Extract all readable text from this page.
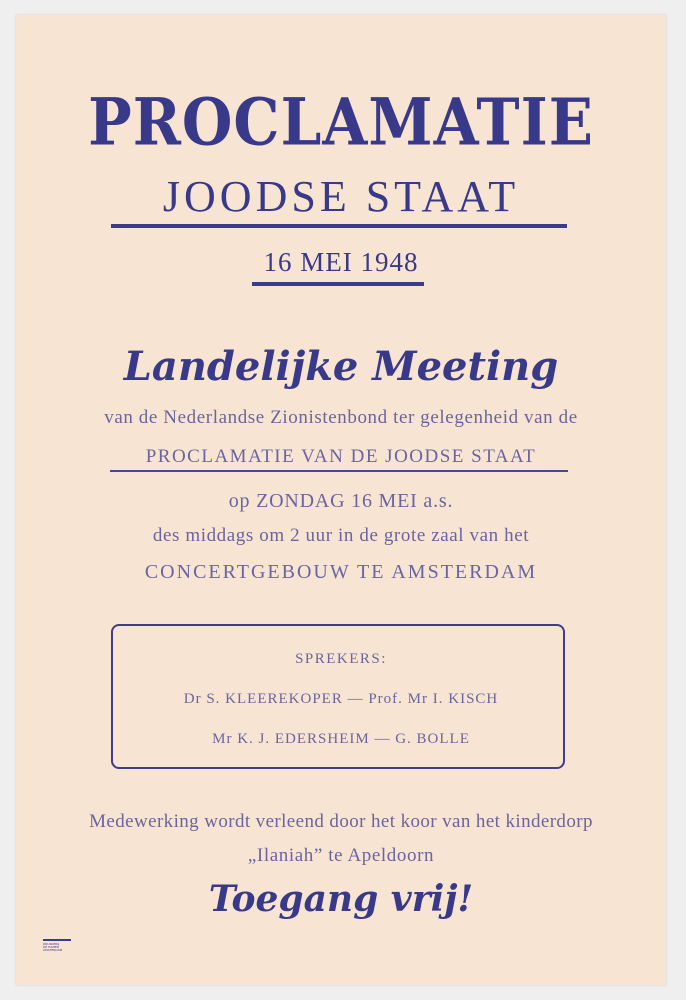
PROCLAMATIE
JOODSE STAAT
16 MEI 1948
Landelijke Meeting
van de Nederlandse Zionistenbond ter gelegenheid van de
PROCLAMATIE VAN DE JOODSE STAAT
op ZONDAG 16 MEI a.s.
des middags om 2 uur in de grote zaal van het
CONCERTGEBOUW TE AMSTERDAM
SPREKERS:
Dr S. KLEEREKOPER — Prof. Mr I. KISCH
Mr K. J. EDERSHEIM — G. BOLLE
Medewerking wordt verleend door het koor van het kinderdorp
„Ilaniah” te Apeldoorn
Toegang vrij!
DRUKKERIJ
DE HAMER
AMSTERDAM
